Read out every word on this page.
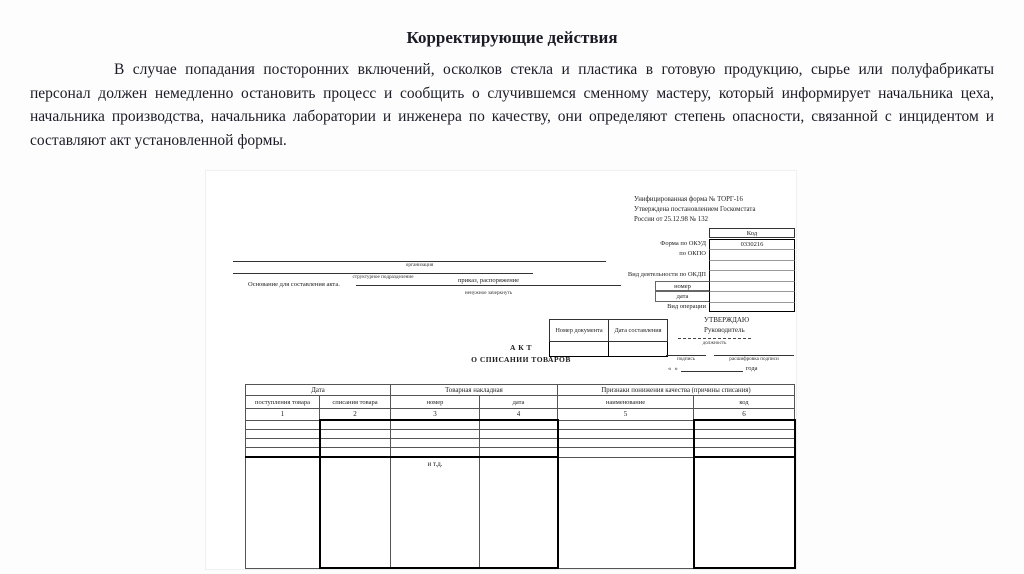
Корректирующие действия

В случае попадания посторонних включений, осколков стекла и пластика в готовую продукцию, сырье или полуфабрикаты персонал должен немедленно остановить процесс и сообщить о случившемся сменному мастеру, который информирует начальника цеха, начальника производства, начальника лаборатории и инженера по качеству, они определяют степень опасности, связанной с инцидентом и составляют акт установленной формы.

Унифицированная форма № ТОРГ-16
Утверждена постановлением Госкомстата
России от 25.12.98 № 132
Код
Форма по ОКУД	0330216
по ОКПО
Вид деятельности по ОКДП
номер
дата
Вид операции
организация
структурное подразделение
Основание для составления акта.
приказ, распоряжение
ненужное зачеркнуть
Номер документа	Дата составления

А К Т
О СПИСАНИИ ТОВАРОВ
УТВЕРЖДАЮ
Руководитель
должность
подпись	расшифровка подписи
«  »	года
Дата		Товарная накладная		Признаки понижения качества (причины списания)	
поступления товара	списания товара	номер	дата	наименование	код
1	2	3	4	5	6

		и т.д.			
